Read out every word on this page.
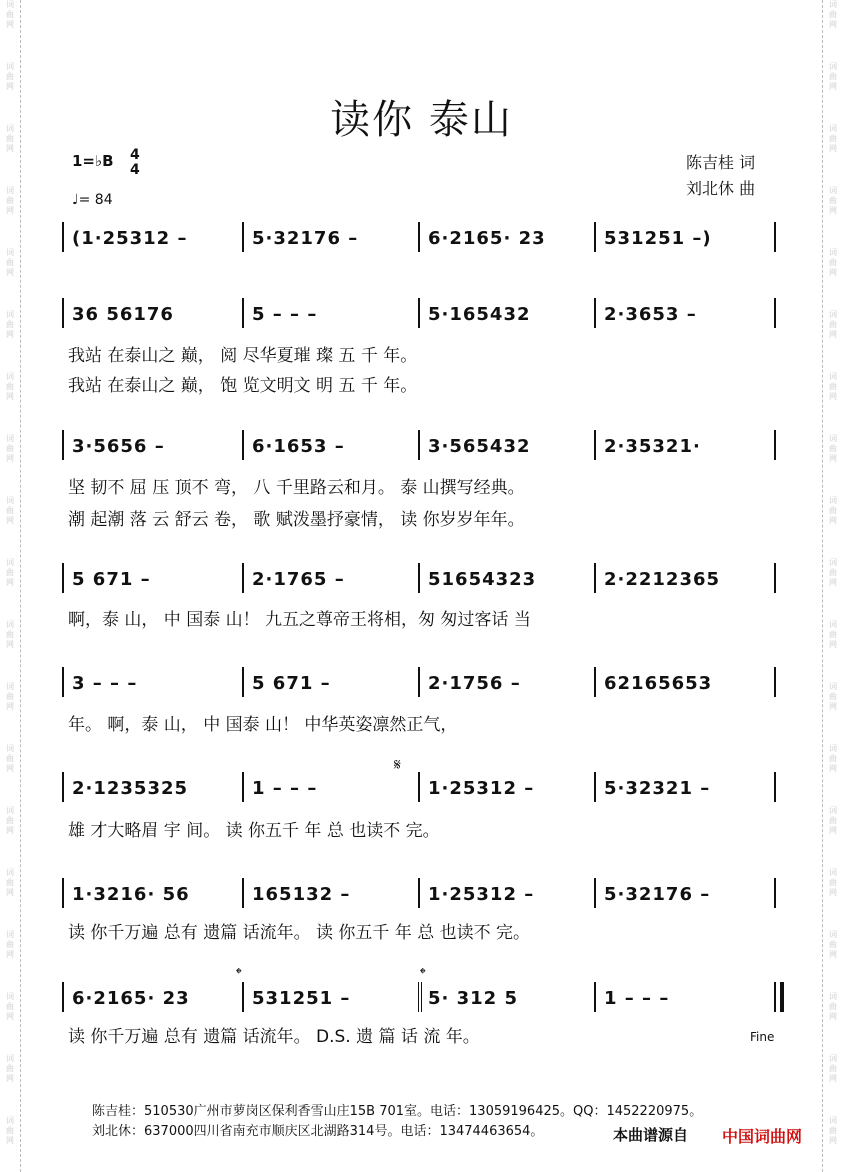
词曲网
词曲网
词曲网
词曲网
词曲网
词曲网
词曲网
词曲网
词曲网
词曲网
词曲网
词曲网
词曲网
词曲网
词曲网
词曲网
词曲网
词曲网
词曲网
词曲网
词曲网
词曲网
词曲网
词曲网
词曲网
词曲网
词曲网
词曲网
词曲网
词曲网
词曲网
词曲网
词曲网
词曲网
词曲网
词曲网
词曲网
词曲网
读你 泰山
1=♭B 4
4
♩= 84
陈吉桂 词
刘北休 曲
(1·25312 –	5·32176 –	6·2165· 23	531251 –)
36 56176	5 – – –	5·165432	2·3653 –
3·5656 –	6·1653 –	3·565432	2·35321·
5 671 –	2·1765 –	51654323	2·2212365
3 – – –	5 671 –	2·1756 –	62165653
2·1235325	1 – – –	1·25312 –	5·32321 –
1·3216· 56	165132 –	1·25312 –	5·32176 –
6·2165· 23	531251 –	5· 312 5	1 – – –
我站 在泰山之 巅， 阅 尽华夏璀 璨 五 千 年。
我站 在泰山之 巅， 饱 览文明文 明 五 千 年。
坚 韧不 屈 压 顶不 弯， 八 千里路云和月。 泰 山撰写经典。
潮 起潮 落 云 舒云 卷， 歌 赋泼墨抒豪情， 读 你岁岁年年。
啊，泰 山， 中 国泰 山！ 九五之尊帝王将相，匆 匆过客话 当
年。 啊，泰 山， 中 国泰 山！ 中华英姿凛然正气，
雄 才大略眉 宇 间。 读 你五千 年 总 也读不 完。
读 你千万遍 总有 遗篇 话流年。 读 你五千 年 总 也读不 完。
读 你千万遍 总有 遗篇 话流年。 D.S. 遗 篇 话 流 年。
𝄋
𝄌	𝄌
Fine
陈吉桂：510530广州市萝岗区保利香雪山庄15B 701室。电话：13059196425。QQ：1452220975。
刘北休：637000四川省南充市顺庆区北湖路314号。电话：13474463654。	本曲谱源自 中国词曲网
